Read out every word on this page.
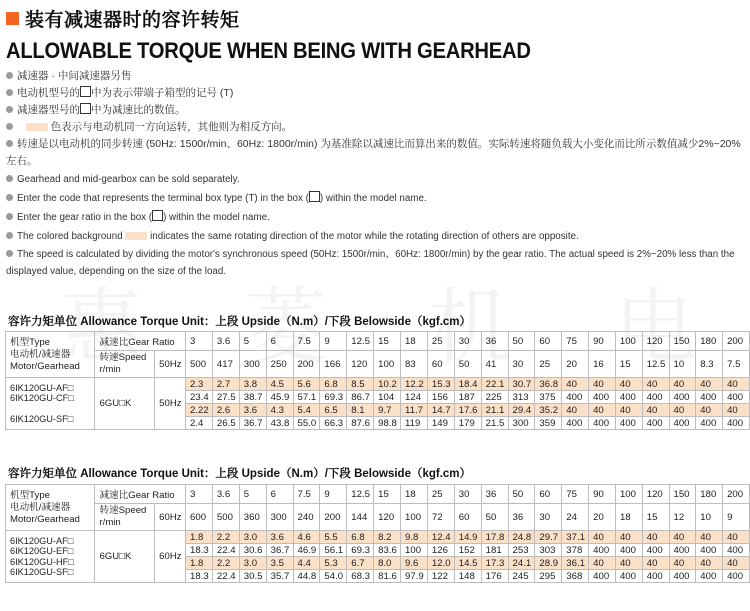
装有减速器时的容许转矩
ALLOWABLE TORQUE WHEN BEING WITH GEARHEAD
减速器 · 中间减速器另售
电动机型号的 中为表示带端子箱型的记号 (T)
减速器型号的 中为减速比的数值。
色表示与电动机同一方向运转，其他则为相反方向。
转速是以电动机的同步转速 (50Hz: 1500r/min、60Hz: 1800r/min) 为基准除以减速比而算出来的数值。实际转速将随负载大小变化而比所示数值减少2%~20%左右。
Gearhead and mid-gearbox can be sold separately.
Enter the code that represents the terminal box type (T) in the box ( ) within the model name.
Enter the gear ratio in the box ( ) within the model name.
The colored background	indicates the same rotating direction of the motor while the rotating direction of others are opposite.
The speed is calculated by dividing the motor's synchronous speed (50Hz: 1500r/min、60Hz: 1800r/min) by the gear ratio. The actual speed is 2%~20% less than the displayed value, depending on the size of the load.
容许力矩单位 Allowance Torque Unit：上段 Upside（N.m）/下段 Belowside（kgf.cm）
机型Type
电动机/减速器
Motor/Gearhead	减速比Gear Ratio		3	3.6	5	6	7.5	9	12.5	15	18	25	30	36	50	60	75	90	100	120	150	180	200

	转速Speed
r/min	50Hz	500	417	300	250	200	166	120	100	83	60	50	41	30	25	20	16	15	12.5	10	8.3	7.5

6IK120GU-AF□
6IK120GU-CF□

6IK120GU-SF□	6GU□K	50Hz	2.3	2.7	3.8	4.5	5.6	6.8	8.5	10.2	12.2	15.3	18.4	22.1	30.7	36.8	40	40	40	40	40	40	40
			23.4	27.5	38.7	45.9	57.1	69.3	86.7	104	124	156	187	225	313	375	400	400	400	400	400	400	400
			2.22	2.6	3.6	4.3	5.4	6.5	8.1	9.7	11.7	14.7	17.6	21.1	29.4	35.2	40	40	40	40	40	40	40
			2.4	26.5	36.7	43.8	55.0	66.3	87.6	98.8	119	149	179	21.5	300	359	400	400	400	400	400	400	400
容许力矩单位 Allowance Torque Unit：上段 Upside（N.m）/下段 Belowside（kgf.cm）
机型Type
电动机/减速器
Motor/Gearhead	减速比Gear Ratio		3	3.6	5	6	7.5	9	12.5	15	18	25	30	36	50	60	75	90	100	120	150	180	200

	转速Speed
r/min	60Hz	600	500	360	300	240	200	144	120	100	72	60	50	36	30	24	20	18	15	12	10	9

6IK120GU-AF□
6IK120GU-EF□
6IK120GU-HF□
6IK120GU-SF□	6GU□K	60Hz	1.8	2.2	3.0	3.6	4.6	5.5	6.8	8.2	9.8	12.4	14.9	17.8	24.8	29.7	37.1	40	40	40	40	40	40
			18.3	22.4	30.6	36.7	46.9	56.1	69.3	83.6	100	126	152	181	253	303	378	400	400	400	400	400	400
			1.8	2.2	3.0	3.5	4.4	5.3	6.7	8.0	9.6	12.0	14.5	17.3	24.1	28.9	36.1	40	40	40	40	40	40
			18.3	22.4	30.5	35.7	44.8	54.0	68.3	81.6	97.9	122	148	176	245	295	368	400	400	400	400	400	400
